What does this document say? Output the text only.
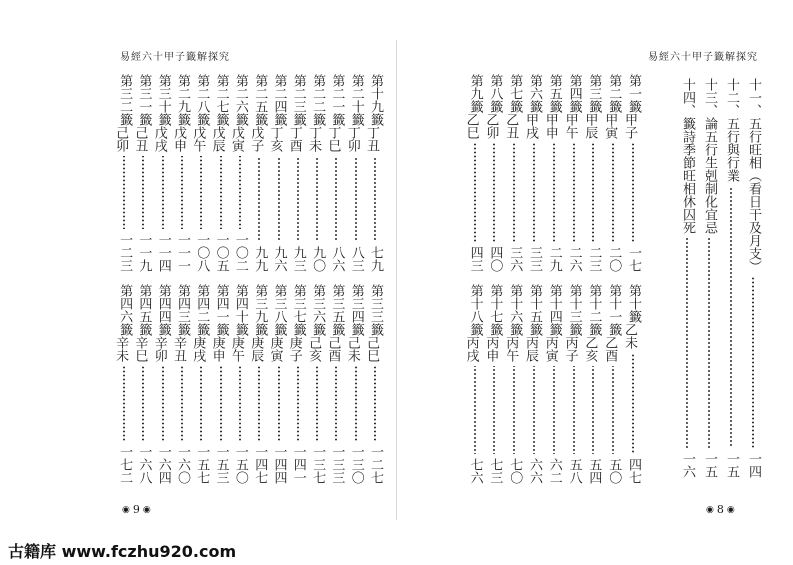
易經六十甲子籤解探究
第十九籤
丁丑
七九
第二十籤
丁卯
八三
第二一籤
丁巳
八六
第二二籤
丁未
九〇
第二三籤
丁酉
九三
第二四籤
丁亥
九六
第二五籤
戊子
九九
第二六籤
戊寅
一〇二
第二七籤
戊辰
一〇五
第二八籤
戊午
一〇八
第二九籤
戊申
一一一
第三十籤
戊戌
一一四
第三一籤
己丑
一一九
第三二籤
己卯
一二三
第三三籤
己巳
一二七
第三四籤
己未
一三〇
第三五籤
己酉
一三三
第三六籤
己亥
一三七
第三七籤
庚子
一四一
第三八籤
庚寅
一四四
第三九籤
庚辰
一四七
第四十籤
庚午
一五〇
第四一籤
庚申
一五三
第四二籤
庚戌
一五七
第四三籤
辛丑
一六〇
第四四籤
辛卯
一六四
第四五籤
辛巳
一六八
第四六籤
辛未
一七二
◉ 9 ◉
易經六十甲子籤解探究
十一、五行旺相（看日干及月支）
一四
十二、五行與行業
一五
十三、論五行生剋制化宜忌
一五
十四、籤詩季節旺相休囚死
一六
第一籤
甲子
一七
第二籤
甲寅
二〇
第三籤
甲辰
二三
第四籤
甲午
二六
第五籤
甲申
二九
第六籤
甲戌
三三
第七籤
乙丑
三六
第八籤
乙卯
四〇
第九籤
乙巳
四三
第十籤
乙未
四七
第十一籤
乙酉
五〇
第十二籤
乙亥
五四
第十三籤
丙子
五八
第十四籤
丙寅
六二
第十五籤
丙辰
六六
第十六籤
丙午
七〇
第十七籤
丙申
七三
第十八籤
丙戌
七六
◉ 8 ◉
古籍库 www.fczhu920.com
